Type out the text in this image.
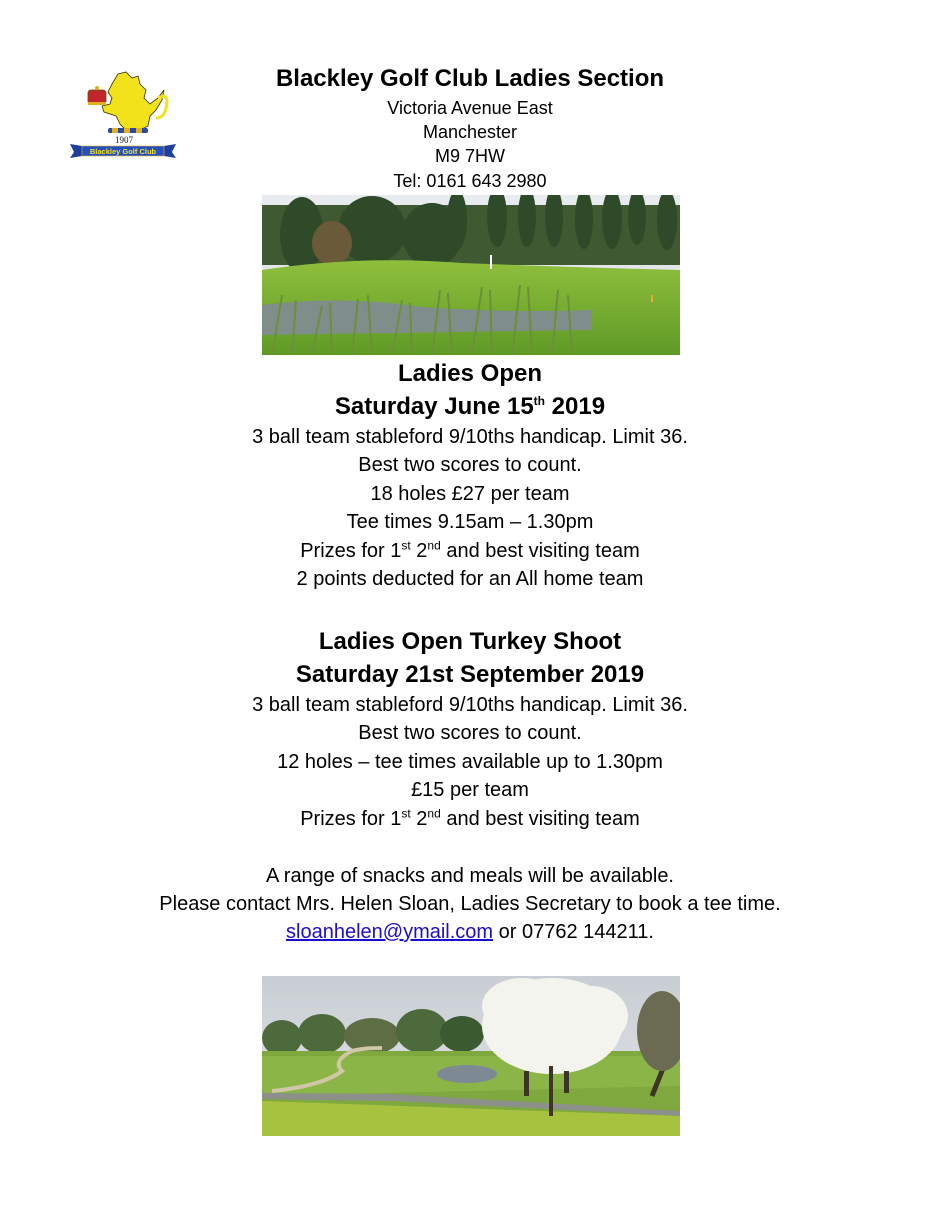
1907
Blackley Golf Club
Blackley Golf Club Ladies Section
Victoria Avenue East
Manchester
M9 7HW
Tel: 0161 643 2980
Ladies Open
Saturday June 15th 2019
3 ball team stableford 9/10ths handicap. Limit 36.
Best two scores to count.
18 holes £27 per team
Tee times 9.15am – 1.30pm
Prizes for 1st 2nd and best visiting team
2 points deducted for an All home team
Ladies Open Turkey Shoot
Saturday 21st September 2019
3 ball team stableford 9/10ths handicap. Limit 36.
Best two scores to count.
12 holes – tee times available up to 1.30pm
£15 per team
Prizes for 1st 2nd and best visiting team
A range of snacks and meals will be available.
Please contact Mrs. Helen Sloan, Ladies Secretary to book a tee time.
sloanhelen@ymail.com or 07762 144211.
